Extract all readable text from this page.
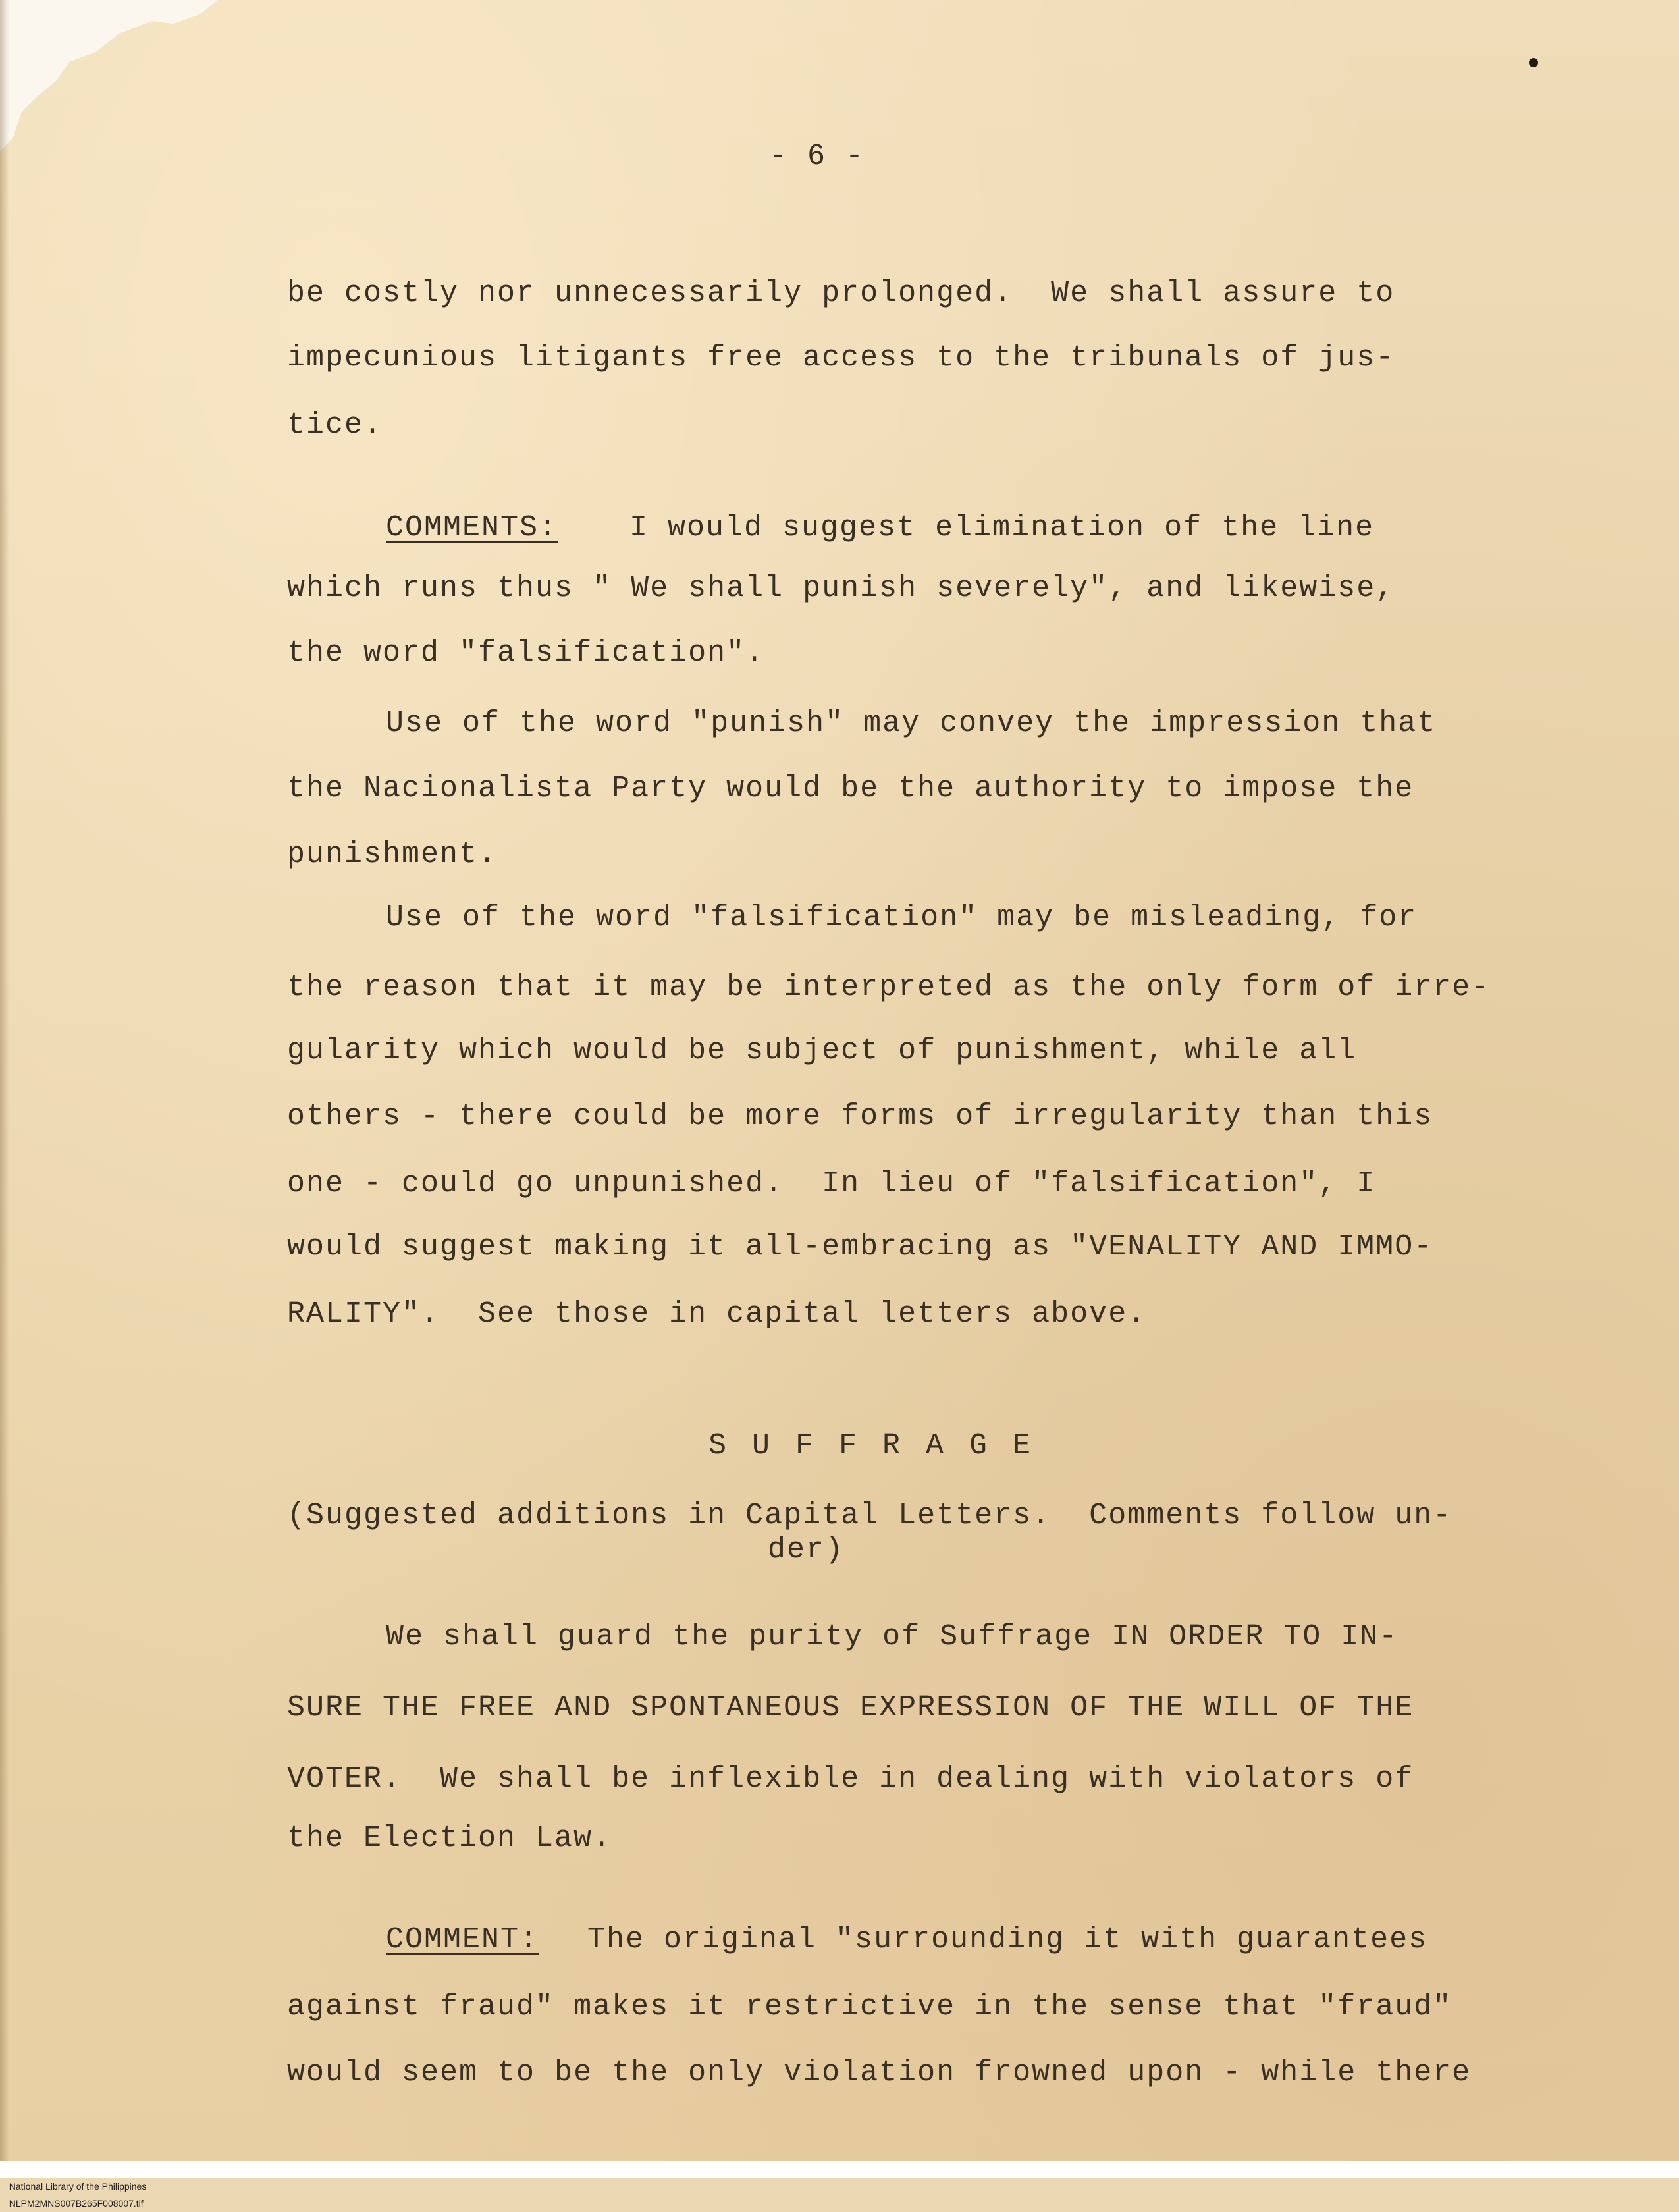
- 6 -
be costly nor unnecessarily prolonged.  We shall assure to
impecunious litigants free access to the tribunals of jus-
tice.
COMMENTS: I would suggest elimination of the line
which runs thus " We shall punish severely", and likewise,
the word "falsification".
Use of the word "punish" may convey the impression that
the Nacionalista Party would be the authority to impose the
punishment.
Use of the word "falsification" may be misleading, for
the reason that it may be interpreted as the only form of irre-
gularity which would be subject of punishment, while all
others - there could be more forms of irregularity than this
one - could go unpunished.  In lieu of "falsification", I
would suggest making it all-embracing as "VENALITY AND IMMO-
RALITY".  See those in capital letters above.
S U F F R A G E
(Suggested additions in Capital Letters.  Comments follow un-
der)
We shall guard the purity of Suffrage IN ORDER TO IN-
SURE THE FREE AND SPONTANEOUS EXPRESSION OF THE WILL OF THE
VOTER.  We shall be inflexible in dealing with violators of
the Election Law.
COMMENT: The original "surrounding it with guarantees
against fraud" makes it restrictive in the sense that "fraud"
would seem to be the only violation frowned upon - while there

National Library of the Philippines
NLPM2MNS007B265F008007.tif
